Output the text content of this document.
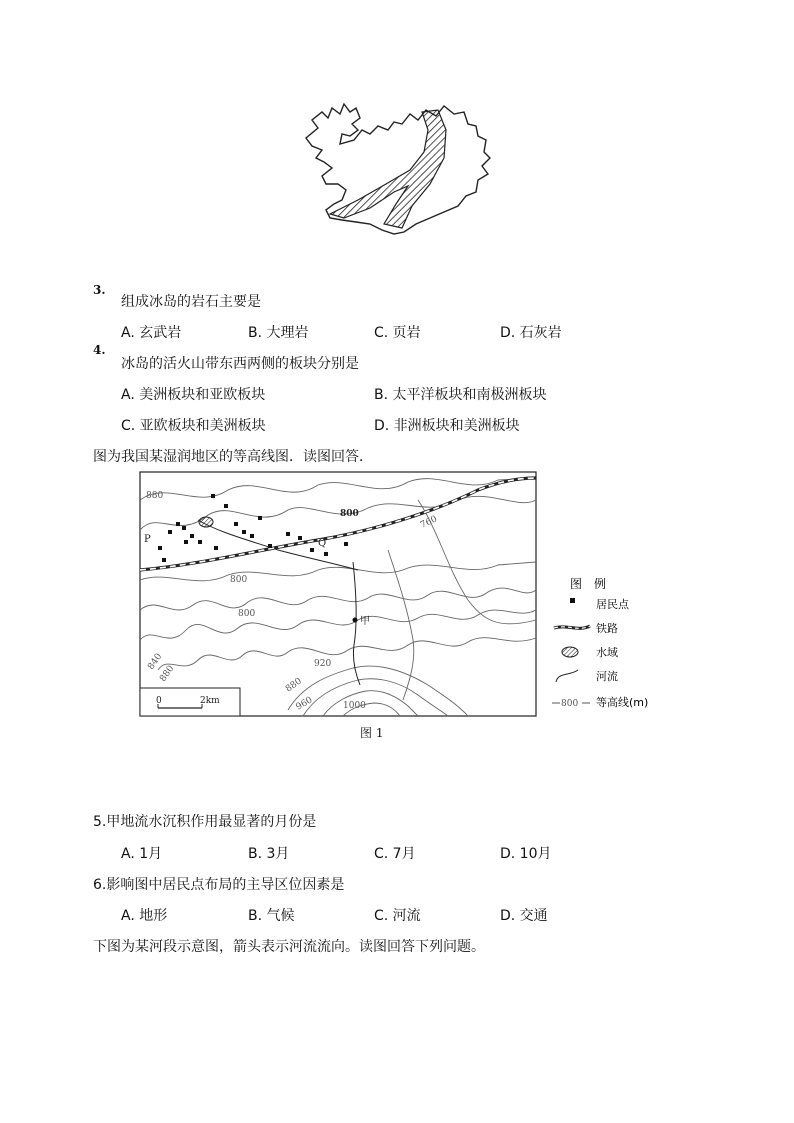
3.
组成冰岛的岩石主要是
A. 玄武岩	B. 大理岩	C. 页岩	D. 石灰岩
4.
冰岛的活火山带东西两侧的板块分别是
A. 美洲板块和亚欧板块	B. 太平洋板块和南极洲板块
C. 亚欧板块和美洲板块	D. 非洲板块和美洲板块
图为我国某湿润地区的等高线图．读图回答．
880
800
760
800
800
840
880	920
880
960	1000
P	Q
甲
0	2km
图　例
居民点
铁路
水域
河流
800 等高线(m)
图 1
5.甲地流水沉积作用最显著的月份是
A. 1月	B. 3月	C. 7月	D. 10月
6.影响图中居民点布局的主导区位因素是
A. 地形	B. 气候	C. 河流	D. 交通
下图为某河段示意图，箭头表示河流流向。读图回答下列问题。
